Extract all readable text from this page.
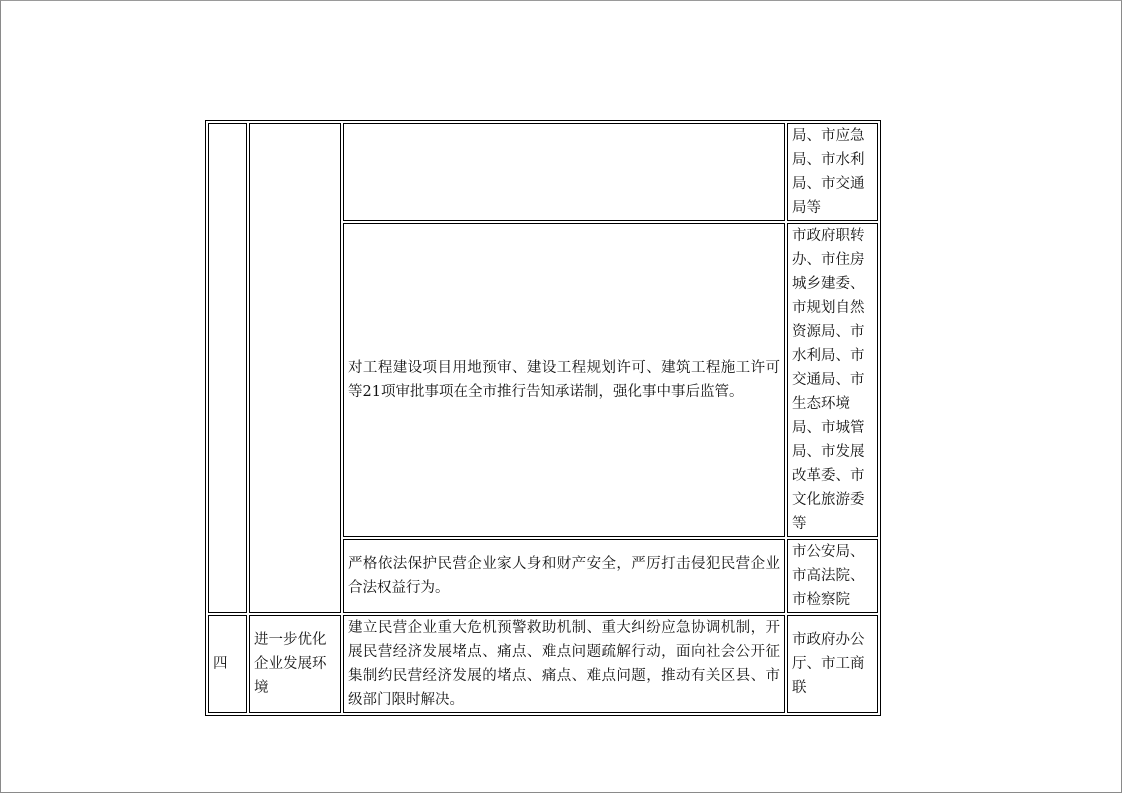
			局、市应急局、市水利局、市交通局等
		对工程建设项目用地预审、建设工程规划许可、建筑工程施工许可等21项审批事项在全市推行告知承诺制，强化事中事后监管。	市政府职转办、市住房城乡建委、市规划自然资源局、市水利局、市交通局、市生态环境局、市城管局、市发展改革委、市文化旅游委等
		严格依法保护民营企业家人身和财产安全，严厉打击侵犯民营企业合法权益行为。	市公安局、市高法院、市检察院
四	进一步优化企业发展环境	建立民营企业重大危机预警救助机制、重大纠纷应急协调机制，开展民营经济发展堵点、痛点、难点问题疏解行动，面向社会公开征集制约民营经济发展的堵点、痛点、难点问题，推动有关区县、市级部门限时解决。	市政府办公厅、市工商联
